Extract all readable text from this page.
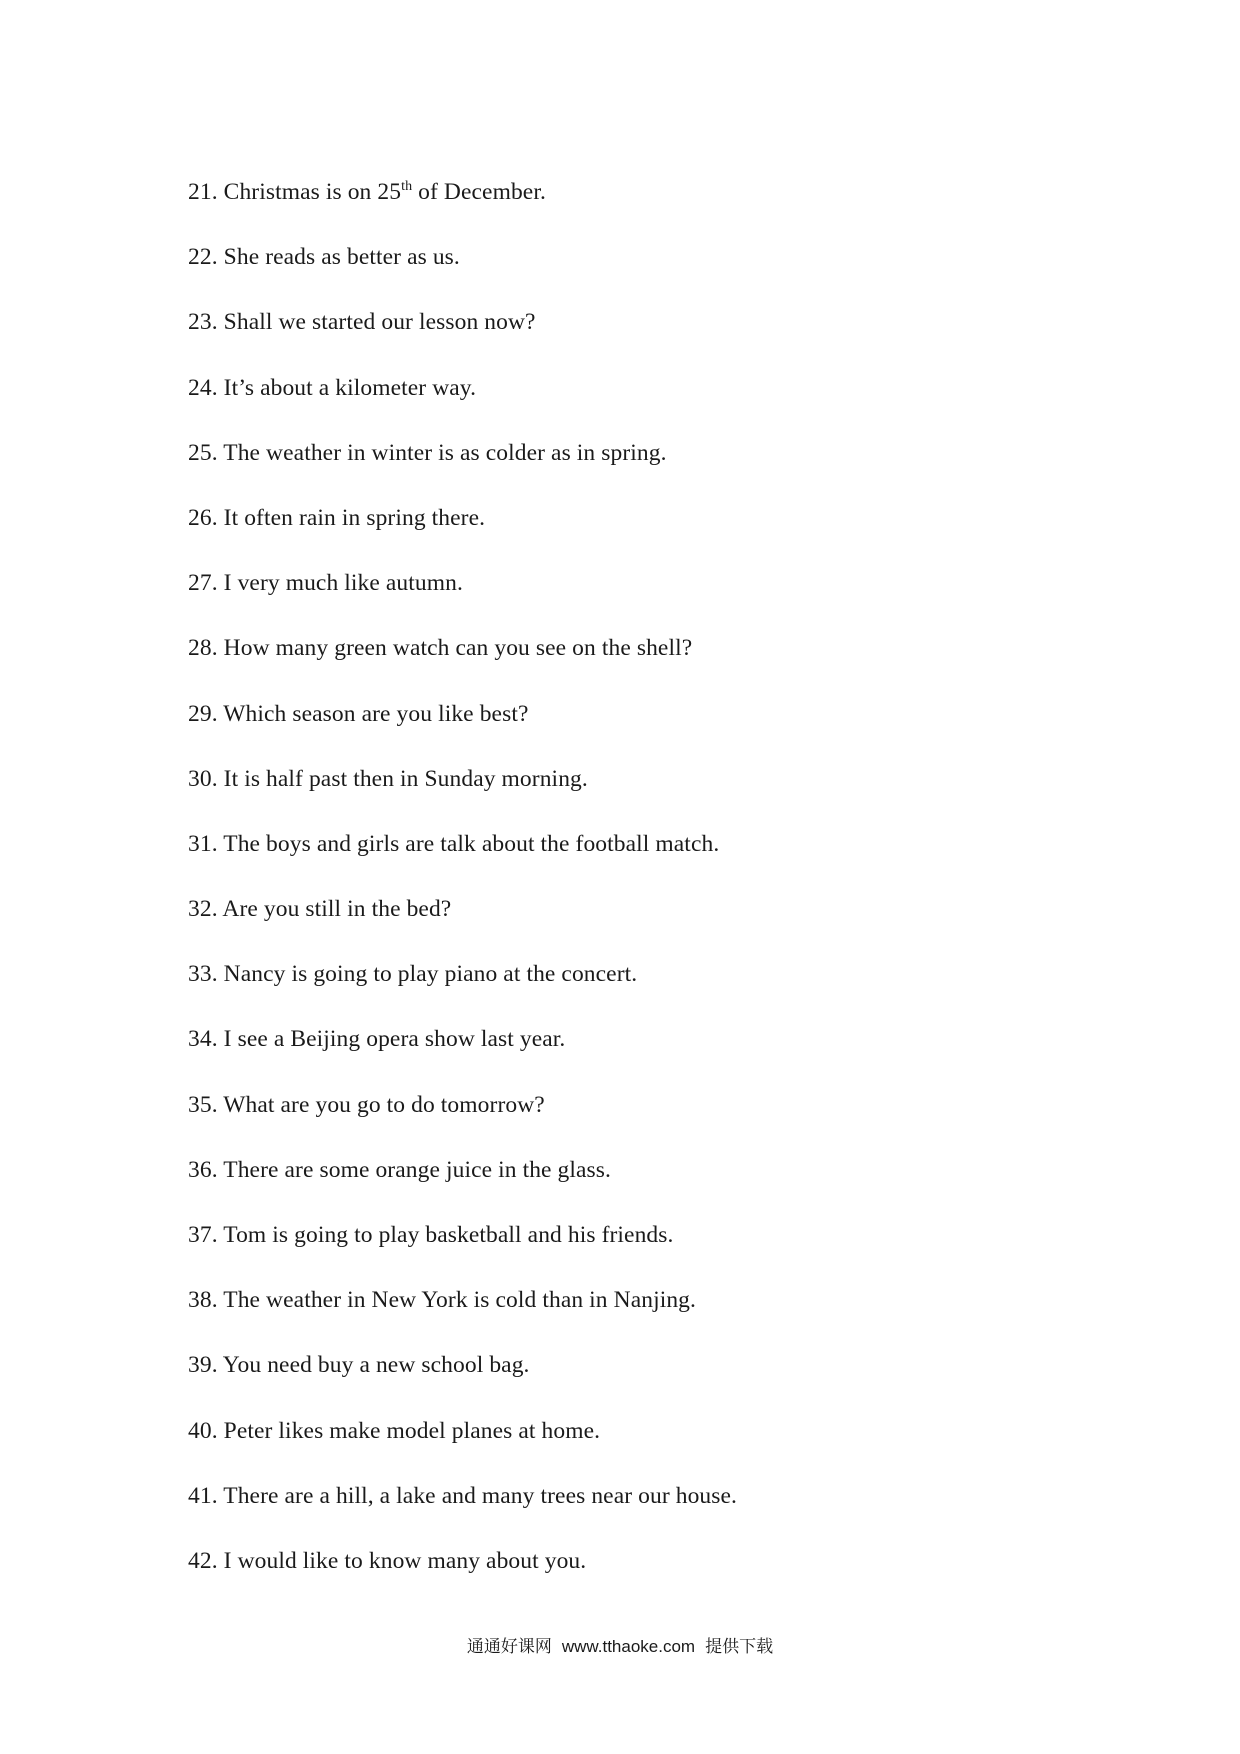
21. Christmas is on 25th of December.
22. She reads as better as us.
23. Shall we started our lesson now?
24. It’s about a kilometer way.
25. The weather in winter is as colder as in spring.
26. It often rain in spring there.
27. I very much like autumn.
28. How many green watch can you see on the shell?
29. Which season are you like best?
30. It is half past then in Sunday morning.
31. The boys and girls are talk about the football match.
32. Are you still in the bed?
33. Nancy is going to play piano at the concert.
34. I see a Beijing opera show last year.
35. What are you go to do tomorrow?
36. There are some orange juice in the glass.
37. Tom is going to play basketball and his friends.
38. The weather in New York is cold than in Nanjing.
39. You need buy a new school bag.
40. Peter likes make model planes at home.
41. There are a hill, a lake and many trees near our house.
42. I would like to know many about you.
通通好课网 www.tthaoke.com 提供下载
